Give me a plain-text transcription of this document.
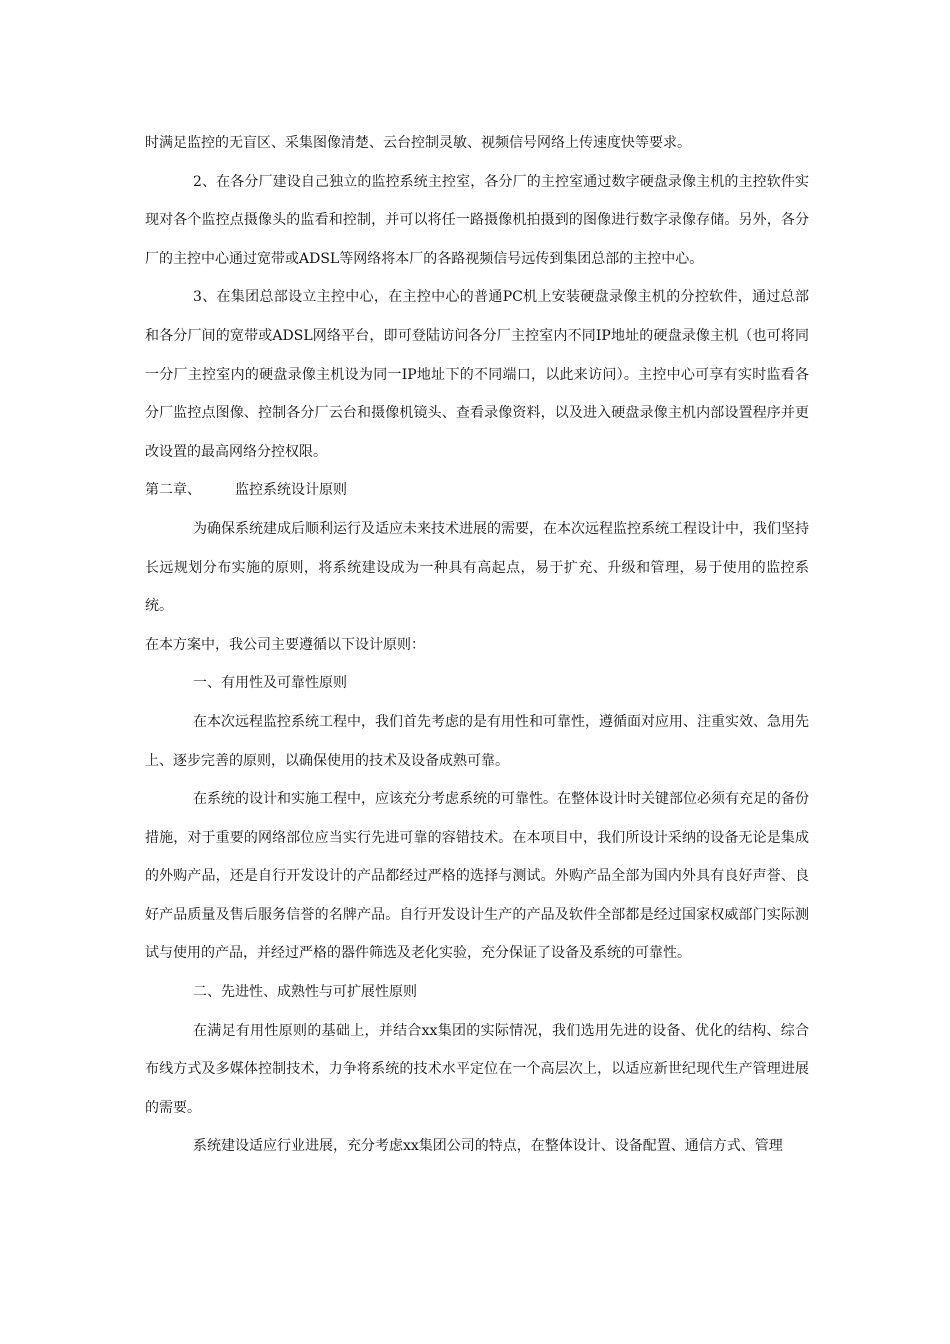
时满足监控的无盲区、采集图像清楚、云台控制灵敏、视频信号网络上传速度快等要求。

2、在各分厂建设自己独立的监控系统主控室，各分厂的主控室通过数字硬盘录像主机的主控软件实现对各个监控点摄像头的监看和控制，并可以将任一路摄像机拍摄到的图像进行数字录像存储。另外，各分厂的主控中心通过宽带或ADSL等网络将本厂的各路视频信号远传到集团总部的主控中心。

3、在集团总部设立主控中心，在主控中心的普通PC机上安装硬盘录像主机的分控软件，通过总部和各分厂间的宽带或ADSL网络平台，即可登陆访问各分厂主控室内不同IP地址的硬盘录像主机（也可将同一分厂主控室内的硬盘录像主机设为同一IP地址下的不同端口，以此来访问）。主控中心可享有实时监看各分厂监控点图像、控制各分厂云台和摄像机镜头、查看录像资料，以及进入硬盘录像主机内部设置程序并更改设置的最高网络分控权限。

第二章、 监控系统设计原则

为确保系统建成后顺利运行及适应未来技术进展的需要，在本次远程监控系统工程设计中，我们坚持长远规划分布实施的原则，将系统建设成为一种具有高起点，易于扩充、升级和管理，易于使用的监控系统。

在本方案中，我公司主要遵循以下设计原则：

一、有用性及可靠性原则

在本次远程监控系统工程中，我们首先考虑的是有用性和可靠性，遵循面对应用、注重实效、急用先上、逐步完善的原则，以确保使用的技术及设备成熟可靠。

在系统的设计和实施工程中，应该充分考虑系统的可靠性。在整体设计时关键部位必须有充足的备份措施，对于重要的网络部位应当实行先进可靠的容错技术。在本项目中，我们所设计采纳的设备无论是集成的外购产品，还是自行开发设计的产品都经过严格的选择与测试。外购产品全部为国内外具有良好声誉、良好产品质量及售后服务信誉的名牌产品。自行开发设计生产的产品及软件全部都是经过国家权威部门实际测试与使用的产品，并经过严格的器件筛选及老化实验，充分保证了设备及系统的可靠性。

二、先进性、成熟性与可扩展性原则

在满足有用性原则的基础上，并结合xx集团的实际情况，我们选用先进的设备、优化的结构、综合布线方式及多媒体控制技术，力争将系统的技术水平定位在一个高层次上，以适应新世纪现代生产管理进展的需要。

系统建设适应行业进展，充分考虑xx集团公司的特点，在整体设计、设备配置、通信方式、管理
